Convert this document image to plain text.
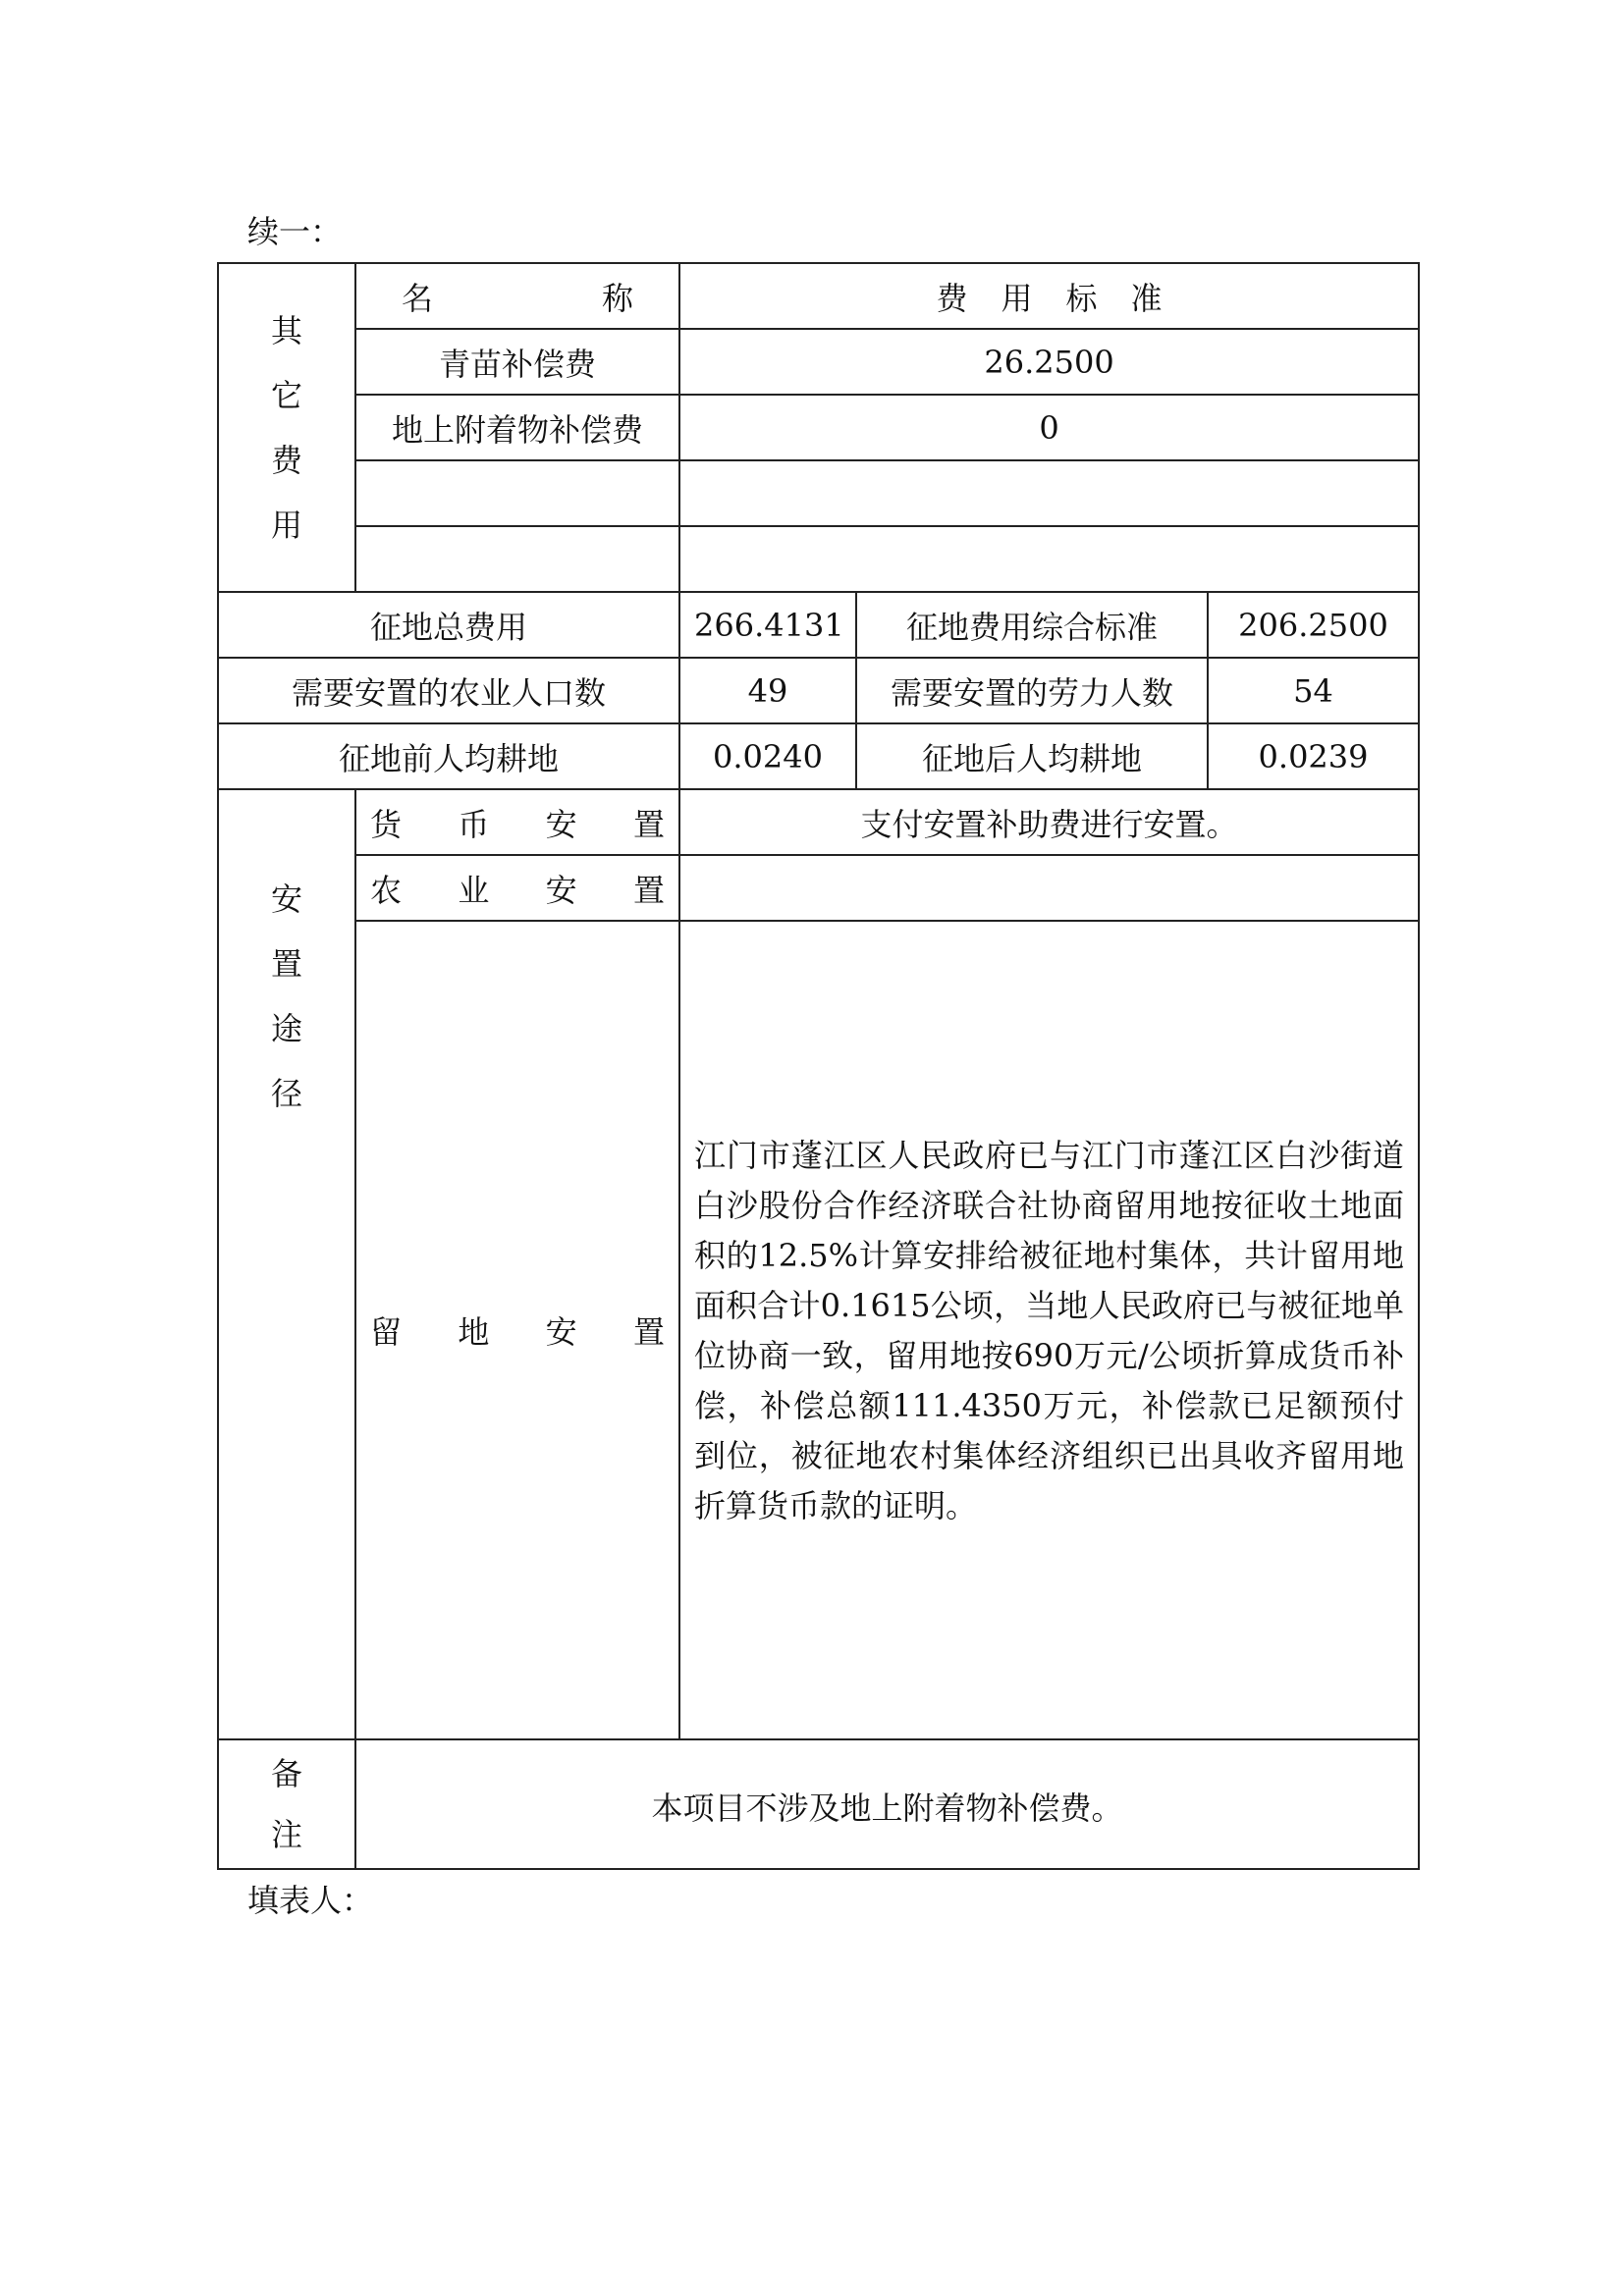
续一：
其
它
费
用	名 称	费 用 标 准		

	青苗补偿费	26.2500		
	地上附着物补偿费	0		

征地总费用		266.4131	征地费用综合标准	206.2500
需要安置的农业人口数		49	需要安置的劳力人数	54
征地前人均耕地		0.0240	征地后人均耕地	0.0239

安
置
途
径	货 币 安 置	支付安置补助费进行安置。		

	农 业 安 置			

	留 地 安 置	江门市蓬江区人民政府已与江门市蓬江区白沙街道白沙股份合作经济联合社协商留用地按征收土地面积的12.5%计算安排给被征地村集体，共计留用地面积合计0.1615公顷，当地人民政府已与被征地单位协商一致，留用地按690万元/公顷折算成货币补偿，补偿总额111.4350万元，补偿款已足额预付到位，被征地农村集体经济组织已出具收齐留用地折算货币款的证明。		

备
注	本项目不涉及地上附着物补偿费。			
填表人：
